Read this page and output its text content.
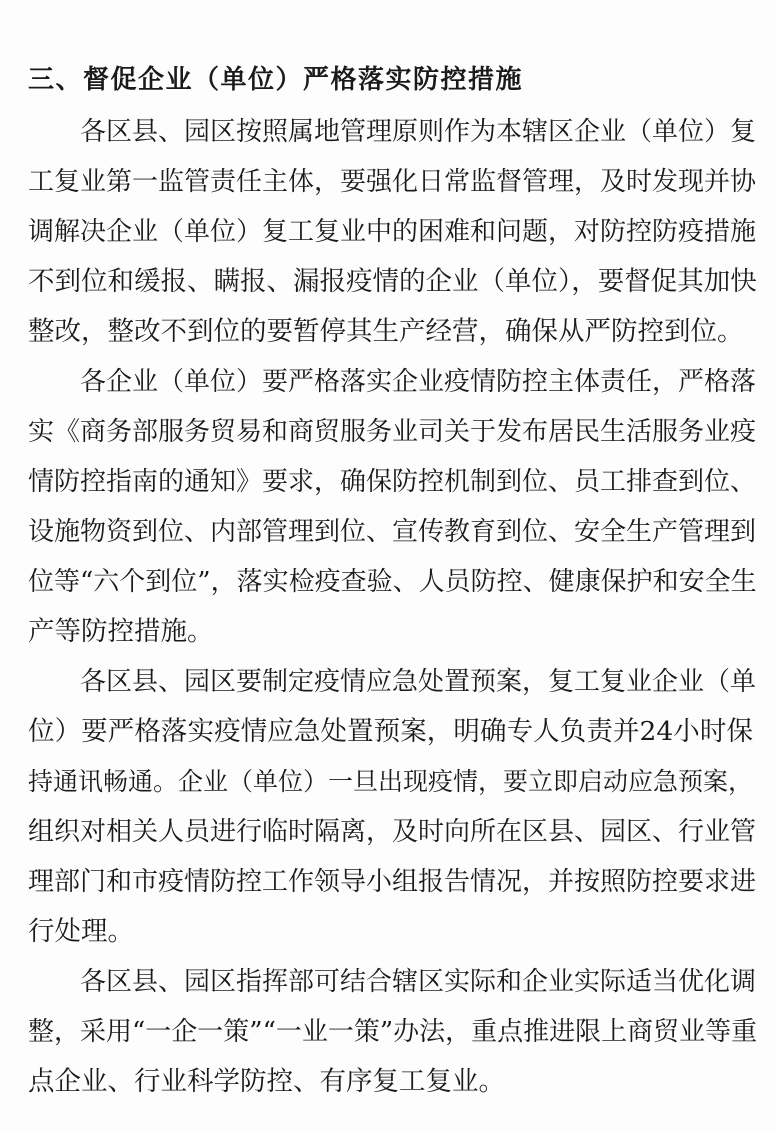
三、督促企业（单位）严格落实防控措施

各区县、园区按照属地管理原则作为本辖区企业（单位）复

工复业第一监管责任主体，要强化日常监督管理，及时发现并协

调解决企业（单位）复工复业中的困难和问题，对防控防疫措施

不到位和缓报、瞒报、漏报疫情的企业（单位），要督促其加快

整改，整改不到位的要暂停其生产经营，确保从严防控到位。

各企业（单位）要严格落实企业疫情防控主体责任，严格落

实《商务部服务贸易和商贸服务业司关于发布居民生活服务业疫

情防控指南的通知》要求，确保防控机制到位、员工排查到位、

设施物资到位、内部管理到位、宣传教育到位、安全生产管理到

位等“六个到位”，落实检疫查验、人员防控、健康保护和安全生

产等防控措施。

各区县、园区要制定疫情应急处置预案，复工复业企业（单

位）要严格落实疫情应急处置预案，明确专人负责并24小时保

持通讯畅通。企业（单位）一旦出现疫情，要立即启动应急预案，

组织对相关人员进行临时隔离，及时向所在区县、园区、行业管

理部门和市疫情防控工作领导小组报告情况，并按照防控要求进

行处理。

各区县、园区指挥部可结合辖区实际和企业实际适当优化调

整，采用“一企一策”“一业一策”办法，重点推进限上商贸业等重

点企业、行业科学防控、有序复工复业。
